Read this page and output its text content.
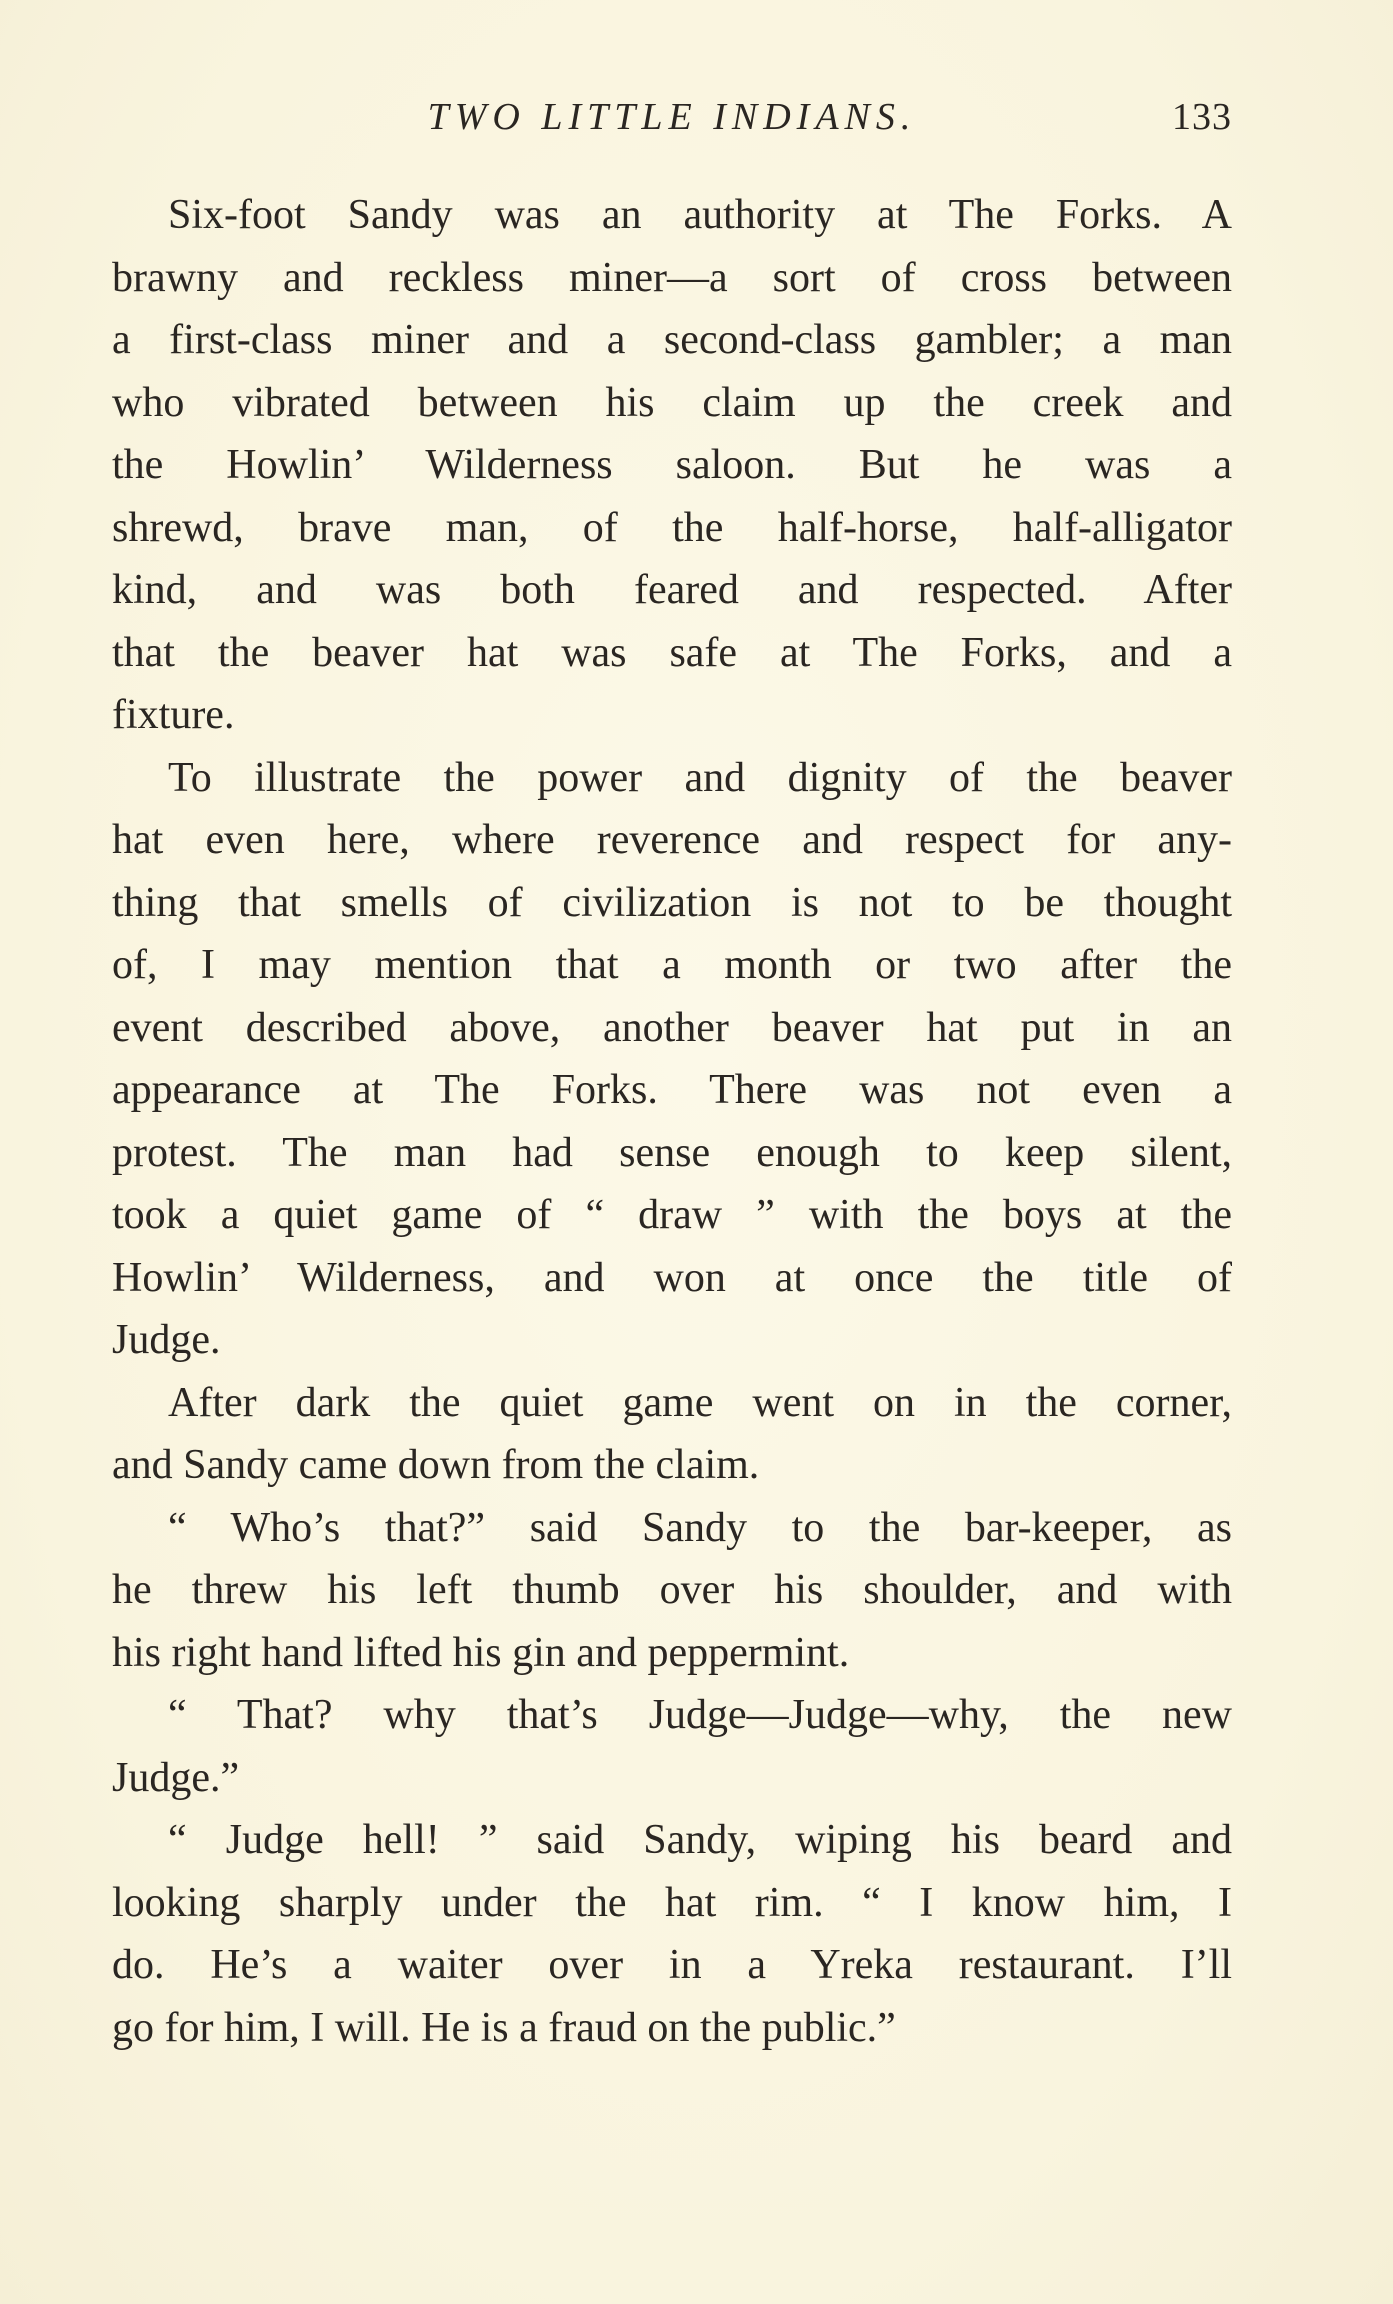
TWO LITTLE INDIANS.	133
Six-foot Sandy was an authority at The Forks. A
brawny and reckless miner—a sort of cross between
a first-class miner and a second-class gambler; a man
who vibrated between his claim up the creek and
the Howlin’ Wilderness saloon. But he was a
shrewd, brave man, of the half-horse, half-alligator
kind, and was both feared and respected. After
that the beaver hat was safe at The Forks, and a
fixture.
To illustrate the power and dignity of the beaver
hat even here, where reverence and respect for any-
thing that smells of civilization is not to be thought
of, I may mention that a month or two after the
event described above, another beaver hat put in an
appearance at The Forks. There was not even a
protest. The man had sense enough to keep silent,
took a quiet game of “ draw ” with the boys at the
Howlin’ Wilderness, and won at once the title of
Judge.
After dark the quiet game went on in the corner,
and Sandy came down from the claim.
“ Who’s that?” said Sandy to the bar-keeper, as
he threw his left thumb over his shoulder, and with
his right hand lifted his gin and peppermint.
“ That? why that’s Judge—Judge—why, the new
Judge.”
“ Judge hell! ” said Sandy, wiping his beard and
looking sharply under the hat rim. “ I know him, I
do. He’s a waiter over in a Yreka restaurant. I’ll
go for him, I will. He is a fraud on the public.”
